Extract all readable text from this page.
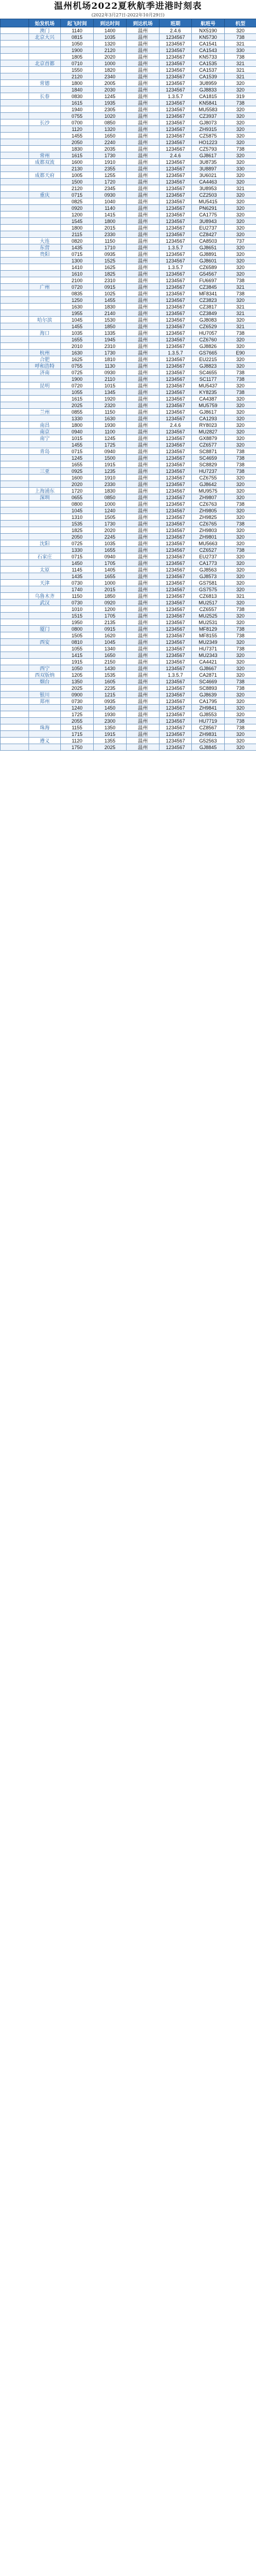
温州机场2022夏秋航季进港时刻表
(2022年3月27日-2022年10月29日)
	始发机场	起飞时间	到达时间	到达机场	班期	航班号	机型
	澳门	1140	1400	温州	2.4.6	NX5190	320
	北京大兴	0815	1035	温州	1234567	KN5730	738
		1050	1320	温州	1234567	CA1541	321
		1900	2120	温州	1234567	CA1543	330
		1805	2020	温州	1234567	KN5733	738
	北京首都	0710	1000	温州	1234567	CA1535	321
		1550	1820	温州	1234567	CA1537	321
		2120	2340	温州	1234567	CA1539	321
	常德	1800	2005	温州	1234567	3U8959	320
		1840	2030	温州	1234567	GJ8833	320
	长春	0830	1245	温州	1.3.5.7	CA1815	319
		1615	1935	温州	1234567	KN5841	738
		1940	2305	温州	1234567	MU5583	320
		0755	1020	温州	1234567	CZ3937	320
	长沙	0700	0850	温州	1234567	GJ8073	320
		1120	1320	温州	1234567	ZH9315	320
		1455	1650	温州	1234567	CZ5875	320
		2050	2240	温州	1234567	HO1223	320
		1830	2035	温州	1234567	CZ5793	738
	常州	1615	1730	温州	2.4.6	GJ8617	320
	成都双流	1600	1910	温州	1234567	3U8735	320
		2130	2355	温州	1234567	3U8897	330
	成都天府	1005	1255	温州	1234567	3U6021	320
		1500	1720	温州	1234567	CA4463	320
		2120	2345	温州	1234567	3U8953	321
	重庆	0715	0930	温州	1234567	CZ2503	320
		0825	1040	温州	1234567	MU5415	320
		0920	1140	温州	1234567	PN6291	320
		1200	1415	温州	1234567	CA1775	320
		1545	1800	温州	1234567	3U8943	320
		1800	2015	温州	1234567	EU2737	320
		2115	2330	温州	1234567	CZ8427	320
	大连	0820	1150	温州	1234567	CA8503	737
	东营	1435	1710	温州	1.3.5.7	GJ8651	320
	贵阳	0715	0935	温州	1234567	GJ8891	320
		1300	1525	温州	1234567	GJ8601	320
		1410	1625	温州	1.3.5.7	CZ6589	320
		1610	1825	温州	1234567	G54567	320
		2100	2310	温州	1234567	FU6697	738
	广州	0720	0915	温州	1234567	CZ3845	321
		0835	1025	温州	1234567	MF8341	738
		1250	1455	温州	1234567	CZ3823	320
		1630	1830	温州	1234567	CZ3817	321
		1955	2140	温州	1234567	CZ3849	321
	哈尔滨	1045	1530	温州	1234567	GJ8083	320
		1455	1850	温州	1234567	CZ6529	321
	海口	1035	1335	温州	1234567	HU7057	738
		1655	1945	温州	1234567	CZ6760	320
		2010	2310	温州	1234567	GJ8826	320
	杭州	1630	1730	温州	1.3.5.7	GS7665	E90
	合肥	1625	1810	温州	1234567	EU2215	320
	呼和浩特	0755	1130	温州	1234567	GJ8823	320
	济南	0725	0930	温州	1234567	SC4655	738
		1900	2110	温州	1234567	SC1177	738
	昆明	0720	1015	温州	1234567	MU5437	320
		1055	1345	温州	1234567	KY8235	738
		1615	1920	温州	1234567	CA4387	320
		2025	2320	温州	1234567	MU5759	320
	兰州	0855	1150	温州	1234567	GJ8617	320
		1330	1630	温州	1234567	CA1293	320
	南昌	1800	1930	温州	2.4.6	RY8023	320
	南京	0940	1100	温州	1234567	MU2827	320
	南宁	1015	1245	温州	1234567	GX8879	320
		1455	1725	温州	1234567	CZ6577	320
	青岛	0715	0940	温州	1234567	SC8871	738
		1245	1500	温州	1234567	SC4659	738
		1655	1915	温州	1234567	SC8829	738
	三亚	0925	1235	温州	1234567	HU7237	738
		1600	1910	温州	1234567	CZ6755	320
		2020	2330	温州	1234567	GJ8642	320
	上海浦东	1720	1830	温州	1234567	MU9575	320
	深圳	0655	0850	温州	1234567	ZH9807	320
		0800	1000	温州	1234567	CZ6763	738
		1045	1240	温州	1234567	ZH9805	320
		1310	1505	温州	1234567	ZH9825	320
		1535	1730	温州	1234567	CZ6765	738
		1825	2020	温州	1234567	ZH9803	320
		2050	2245	温州	1234567	ZH9801	320
	沈阳	0725	1035	温州	1234567	MU5663	320
		1330	1655	温州	1234567	CZ6527	738
	石家庄	0715	0940	温州	1234567	EU2737	320
		1450	1705	温州	1234567	CA1773	320
	太原	1145	1405	温州	1234567	GJ8563	320
		1435	1655	温州	1234567	GJ8573	320
	天津	0730	1000	温州	1234567	GS7581	320
		1740	2015	温州	1234567	GS7575	320
	乌鲁木齐	1150	1850	温州	1234567	CZ6813	321
	武汉	0730	0920	温州	1234567	MU2517	320
		1010	1200	温州	1234567	CZ6557	738
		1515	1705	温州	1234567	MU2525	320
		1950	2135	温州	1234567	MU2531	320
	厦门	0800	0915	温州	1234567	MF8129	738
		1505	1620	温州	1234567	MF8155	738
	西安	0810	1045	温州	1234567	MU2349	320
		1055	1340	温州	1234567	HU7371	738
		1415	1650	温州	1234567	MU2343	320
		1915	2150	温州	1234567	CA4421	320
	西宁	1050	1430	温州	1234567	GJ8667	320
	西双版纳	1205	1535	温州	1.3.5.7	CA2871	320
	烟台	1350	1605	温州	1234567	SC4669	738
		2025	2235	温州	1234567	SC8893	738
	银川	0900	1215	温州	1234567	GJ8639	320
	郑州	0730	0935	温州	1234567	CA1795	320
		1240	1450	温州	1234567	ZH9841	320
		1725	1930	温州	1234567	GJ8553	320
		2055	2300	温州	1234567	HU7719	738
	珠海	1155	1350	温州	1234567	CZ8567	738
		1715	1915	温州	1234567	ZH9831	320
	遵义	1120	1355	温州	1234567	G52563	320
		1750	2025	温州	1234567	GJ8845	320
